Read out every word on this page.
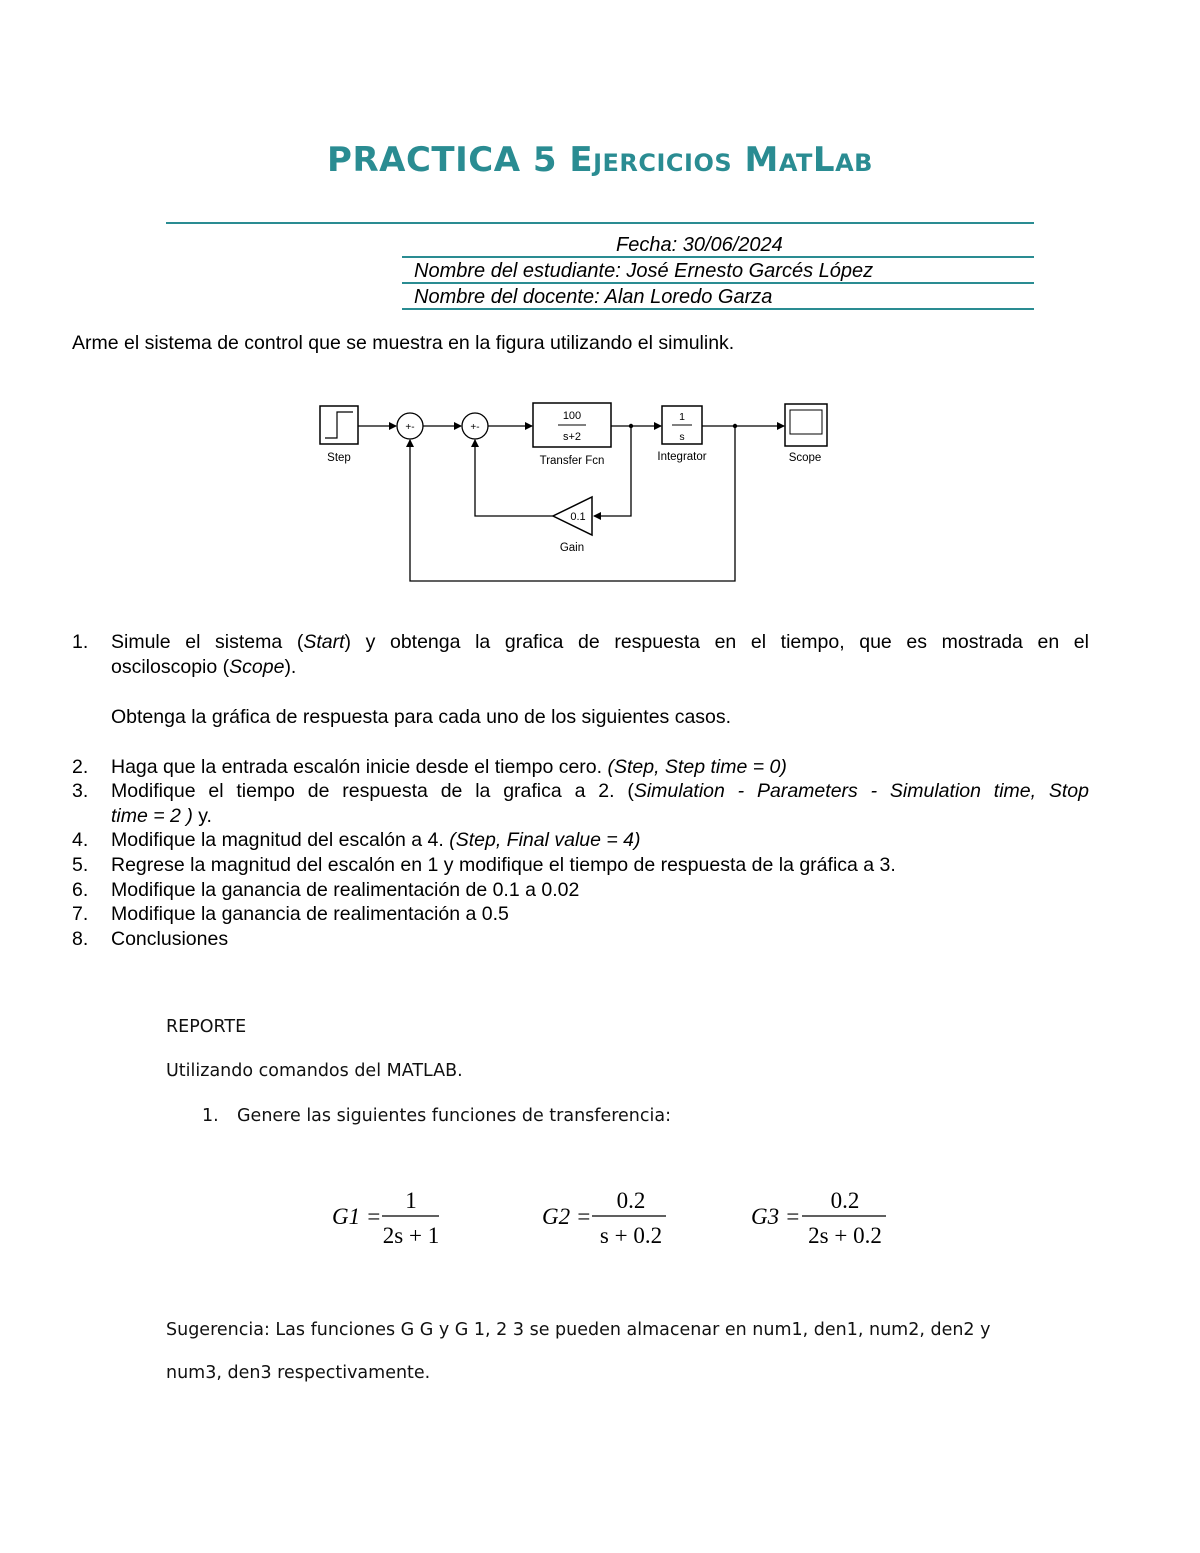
PRACTICA 5 Ejercicios MatLab
Fecha: 30/06/2024
Nombre del estudiante: José Ernesto Garcés López
Nombre del docente: Alan Loredo Garza
Arme el sistema de control que se muestra en la figura utilizando el simulink.
Step
+-	+-
100
s+2
Transfer Fcn
1
s
Integrator	Scope
0.1
Gain
1. Simule el sistema (Start) y obtenga la grafica de respuesta en el tiempo, que es mostrada en el
osciloscopio (Scope).
Obtenga la gráfica de respuesta para cada uno de los siguientes casos.
2. Haga que la entrada escalón inicie desde el tiempo cero. (Step, Step time = 0)
3. Modifique el tiempo de respuesta de la grafica a 2. (Simulation - Parameters - Simulation time, Stop
time = 2 ) y.
4. Modifique la magnitud del escalón a 4. (Step, Final value = 4)
5. Regrese la magnitud del escalón en 1 y modifique el tiempo de respuesta de la gráfica a 3.
6. Modifique la ganancia de realimentación de 0.1 a 0.02
7. Modifique la ganancia de realimentación a 0.5
8. Conclusiones
REPORTE
Utilizando comandos del MATLAB.
1. Genere las siguientes funciones de transferencia:
G1 =
1
2s + 1
G2 =
0.2
s + 0.2
G3 =
0.2
2s + 0.2
Sugerencia: Las funciones G G y G 1, 2 3 se pueden almacenar en num1, den1, num2, den2 y
num3, den3 respectivamente.
